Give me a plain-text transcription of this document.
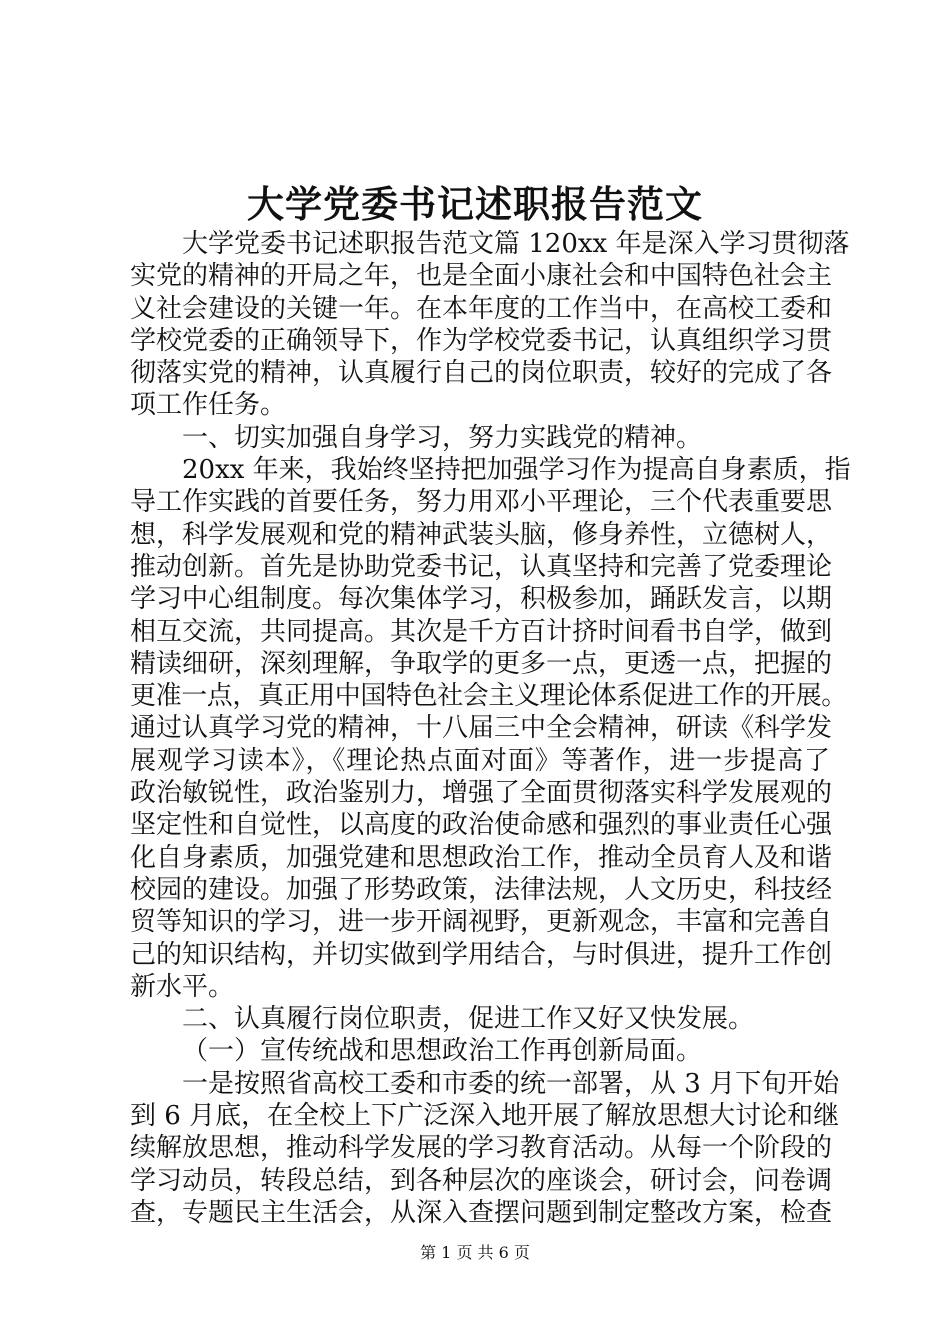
大学党委书记述职报告范文
大学党委书记述职报告范文篇 120xx 年是深入学习贯彻落
实党的精神的开局之年，也是全面小康社会和中国特色社会主
义社会建设的关键一年。在本年度的工作当中，在高校工委和
学校党委的正确领导下，作为学校党委书记，认真组织学习贯
彻落实党的精神，认真履行自己的岗位职责，较好的完成了各
项工作任务。
一、切实加强自身学习，努力实践党的精神。
20xx 年来，我始终坚持把加强学习作为提高自身素质，指
导工作实践的首要任务，努力用邓小平理论，三个代表重要思
想，科学发展观和党的精神武装头脑，修身养性，立德树人，
推动创新。首先是协助党委书记，认真坚持和完善了党委理论
学习中心组制度。每次集体学习，积极参加，踊跃发言，以期
相互交流，共同提高。其次是千方百计挤时间看书自学，做到
精读细研，深刻理解，争取学的更多一点，更透一点，把握的
更准一点，真正用中国特色社会主义理论体系促进工作的开展。
通过认真学习党的精神，十八届三中全会精神，研读《科学发
展观学习读本》，《理论热点面对面》等著作，进一步提高了
政治敏锐性，政治鉴别力，增强了全面贯彻落实科学发展观的
坚定性和自觉性，以高度的政治使命感和强烈的事业责任心强
化自身素质，加强党建和思想政治工作，推动全员育人及和谐
校园的建设。加强了形势政策，法律法规，人文历史，科技经
贸等知识的学习，进一步开阔视野，更新观念，丰富和完善自
己的知识结构，并切实做到学用结合，与时俱进，提升工作创
新水平。
二、认真履行岗位职责，促进工作又好又快发展。
（一）宣传统战和思想政治工作再创新局面。
一是按照省高校工委和市委的统一部署，从 3 月下旬开始
到 6 月底，在全校上下广泛深入地开展了解放思想大讨论和继
续解放思想，推动科学发展的学习教育活动。从每一个阶段的
学习动员，转段总结，到各种层次的座谈会，研讨会，问卷调
查，专题民主生活会，从深入查摆问题到制定整改方案，检查
第 1 页 共 6 页
